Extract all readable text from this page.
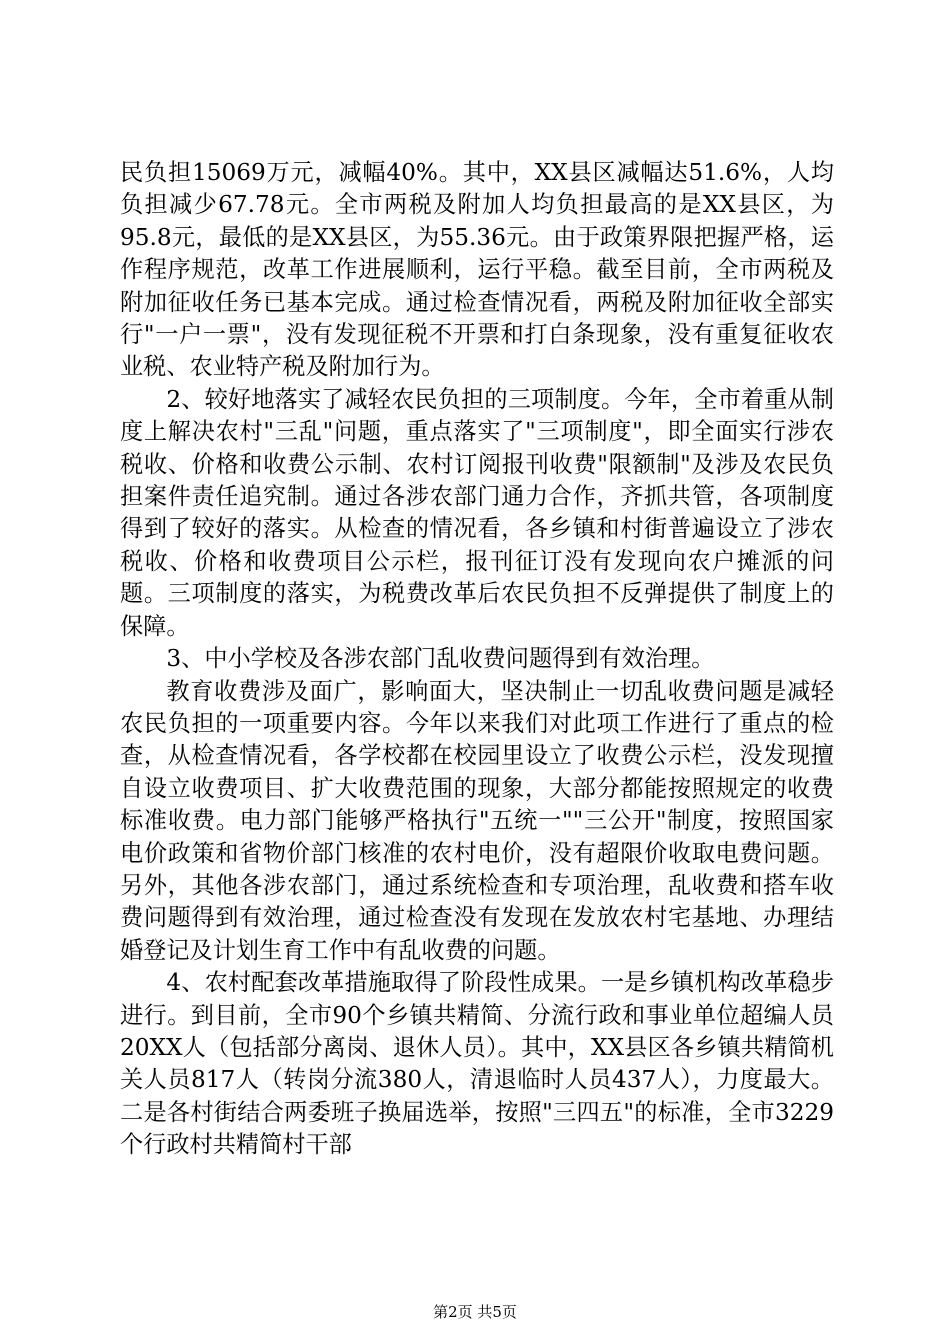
民负担15069万元，减幅40%。其中，XX县区减幅达51.6%，人均负担减少67.78元。全市两税及附加人均负担最高的是XX县区，为95.8元，最低的是XX县区，为55.36元。由于政策界限把握严格，运作程序规范，改革工作进展顺利，运行平稳。截至目前，全市两税及附加征收任务已基本完成。通过检查情况看，两税及附加征收全部实行"一户一票"，没有发现征税不开票和打白条现象，没有重复征收农业税、农业特产税及附加行为。

2、较好地落实了减轻农民负担的三项制度。今年，全市着重从制度上解决农村"三乱"问题，重点落实了"三项制度"，即全面实行涉农税收、价格和收费公示制、农村订阅报刊收费"限额制"及涉及农民负担案件责任追究制。通过各涉农部门通力合作，齐抓共管，各项制度得到了较好的落实。从检查的情况看，各乡镇和村街普遍设立了涉农税收、价格和收费项目公示栏，报刊征订没有发现向农户摊派的问题。三项制度的落实，为税费改革后农民负担不反弹提供了制度上的保障。

3、中小学校及各涉农部门乱收费问题得到有效治理。

教育收费涉及面广，影响面大，坚决制止一切乱收费问题是减轻农民负担的一项重要内容。今年以来我们对此项工作进行了重点的检查，从检查情况看，各学校都在校园里设立了收费公示栏，没发现擅自设立收费项目、扩大收费范围的现象，大部分都能按照规定的收费标准收费。电力部门能够严格执行"五统一""三公开"制度，按照国家电价政策和省物价部门核准的农村电价，没有超限价收取电费问题。另外，其他各涉农部门，通过系统检查和专项治理，乱收费和搭车收费问题得到有效治理，通过检查没有发现在发放农村宅基地、办理结婚登记及计划生育工作中有乱收费的问题。

4、农村配套改革措施取得了阶段性成果。一是乡镇机构改革稳步进行。到目前，全市90个乡镇共精简、分流行政和事业单位超编人员20XX人（包括部分离岗、退休人员）。其中，XX县区各乡镇共精简机关人员817人（转岗分流380人，清退临时人员437人），力度最大。二是各村街结合两委班子换届选举，按照"三四五"的标准，全市3229个行政村共精简村干部

第2页 共5页
